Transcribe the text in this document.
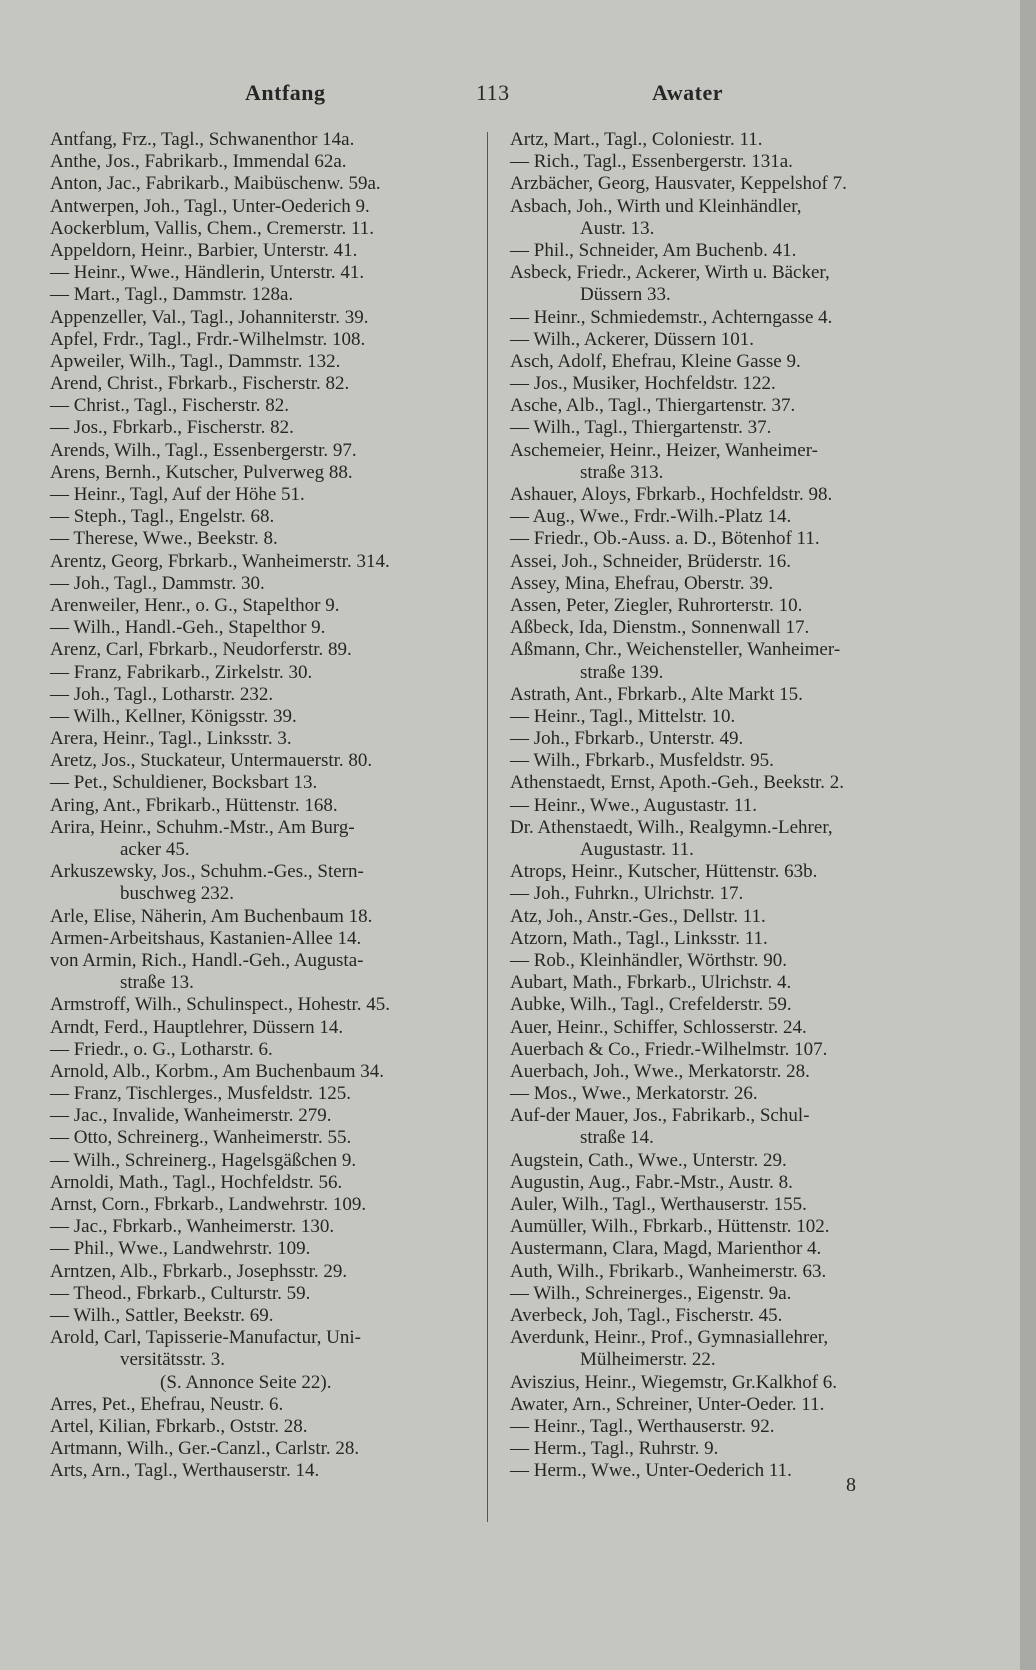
Antfang	113	Awater
Antfang, Frz., Tagl., Schwanenthor 14a.
Anthe, Jos., Fabrikarb., Immendal 62a.
Anton, Jac., Fabrikarb., Maibüschenw. 59a.
Antwerpen, Joh., Tagl., Unter-Oederich 9.
Aockerblum, Vallis, Chem., Cremerstr. 11.
Appeldorn, Heinr., Barbier, Unterstr. 41.
— Heinr., Wwe., Händlerin, Unterstr. 41.
— Mart., Tagl., Dammstr. 128a.
Appenzeller, Val., Tagl., Johanniterstr. 39.
Apfel, Frdr., Tagl., Frdr.-Wilhelmstr. 108.
Apweiler, Wilh., Tagl., Dammstr. 132.
Arend, Christ., Fbrkarb., Fischerstr. 82.
— Christ., Tagl., Fischerstr. 82.
— Jos., Fbrkarb., Fischerstr. 82.
Arends, Wilh., Tagl., Essenbergerstr. 97.
Arens, Bernh., Kutscher, Pulverweg 88.
— Heinr., Tagl, Auf der Höhe 51.
— Steph., Tagl., Engelstr. 68.
— Therese, Wwe., Beekstr. 8.
Arentz, Georg, Fbrkarb., Wanheimerstr. 314.
— Joh., Tagl., Dammstr. 30.
Arenweiler, Henr., o. G., Stapelthor 9.
— Wilh., Handl.-Geh., Stapelthor 9.
Arenz, Carl, Fbrkarb., Neudorferstr. 89.
— Franz, Fabrikarb., Zirkelstr. 30.
— Joh., Tagl., Lotharstr. 232.
— Wilh., Kellner, Königsstr. 39.
Arera, Heinr., Tagl., Linksstr. 3.
Aretz, Jos., Stuckateur, Untermauerstr. 80.
— Pet., Schuldiener, Bocksbart 13.
Aring, Ant., Fbrikarb., Hüttenstr. 168.
Arira, Heinr., Schuhm.-Mstr., Am Burg-
acker 45.
Arkuszewsky, Jos., Schuhm.-Ges., Stern-
buschweg 232.
Arle, Elise, Näherin, Am Buchenbaum 18.
Armen-Arbeitshaus, Kastanien-Allee 14.
von Armin, Rich., Handl.-Geh., Augusta-
straße 13.
Armstroff, Wilh., Schulinspect., Hohestr. 45.
Arndt, Ferd., Hauptlehrer, Düssern 14.
— Friedr., o. G., Lotharstr. 6.
Arnold, Alb., Korbm., Am Buchenbaum 34.
— Franz, Tischlerges., Musfeldstr. 125.
— Jac., Invalide, Wanheimerstr. 279.
— Otto, Schreinerg., Wanheimerstr. 55.
— Wilh., Schreinerg., Hagelsgäßchen 9.
Arnoldi, Math., Tagl., Hochfeldstr. 56.
Arnst, Corn., Fbrkarb., Landwehrstr. 109.
— Jac., Fbrkarb., Wanheimerstr. 130.
— Phil., Wwe., Landwehrstr. 109.
Arntzen, Alb., Fbrkarb., Josephsstr. 29.
— Theod., Fbrkarb., Culturstr. 59.
— Wilh., Sattler, Beekstr. 69.
Arold, Carl, Tapisserie-Manufactur, Uni-
versitätsstr. 3.
(S. Annonce Seite 22).
Arres, Pet., Ehefrau, Neustr. 6.
Artel, Kilian, Fbrkarb., Oststr. 28.
Artmann, Wilh., Ger.-Canzl., Carlstr. 28.
Arts, Arn., Tagl., Werthauserstr. 14.
Artz, Mart., Tagl., Coloniestr. 11.
— Rich., Tagl., Essenbergerstr. 131a.
Arzbächer, Georg, Hausvater, Keppelshof 7.
Asbach, Joh., Wirth und Kleinhändler,
Austr. 13.
— Phil., Schneider, Am Buchenb. 41.
Asbeck, Friedr., Ackerer, Wirth u. Bäcker,
Düssern 33.
— Heinr., Schmiedemstr., Achterngasse 4.
— Wilh., Ackerer, Düssern 101.
Asch, Adolf, Ehefrau, Kleine Gasse 9.
— Jos., Musiker, Hochfeldstr. 122.
Asche, Alb., Tagl., Thiergartenstr. 37.
— Wilh., Tagl., Thiergartenstr. 37.
Aschemeier, Heinr., Heizer, Wanheimer-
straße 313.
Ashauer, Aloys, Fbrkarb., Hochfeldstr. 98.
— Aug., Wwe., Frdr.-Wilh.-Platz 14.
— Friedr., Ob.-Auss. a. D., Bötenhof 11.
Assei, Joh., Schneider, Brüderstr. 16.
Assey, Mina, Ehefrau, Oberstr. 39.
Assen, Peter, Ziegler, Ruhrorterstr. 10.
Aßbeck, Ida, Dienstm., Sonnenwall 17.
Aßmann, Chr., Weichensteller, Wanheimer-
straße 139.
Astrath, Ant., Fbrkarb., Alte Markt 15.
— Heinr., Tagl., Mittelstr. 10.
— Joh., Fbrkarb., Unterstr. 49.
— Wilh., Fbrkarb., Musfeldstr. 95.
Athenstaedt, Ernst, Apoth.-Geh., Beekstr. 2.
— Heinr., Wwe., Augustastr. 11.
Dr. Athenstaedt, Wilh., Realgymn.-Lehrer,
Augustastr. 11.
Atrops, Heinr., Kutscher, Hüttenstr. 63b.
— Joh., Fuhrkn., Ulrichstr. 17.
Atz, Joh., Anstr.-Ges., Dellstr. 11.
Atzorn, Math., Tagl., Linksstr. 11.
— Rob., Kleinhändler, Wörthstr. 90.
Aubart, Math., Fbrkarb., Ulrichstr. 4.
Aubke, Wilh., Tagl., Crefelderstr. 59.
Auer, Heinr., Schiffer, Schlosserstr. 24.
Auerbach & Co., Friedr.-Wilhelmstr. 107.
Auerbach, Joh., Wwe., Merkatorstr. 28.
— Mos., Wwe., Merkatorstr. 26.
Auf-der Mauer, Jos., Fabrikarb., Schul-
straße 14.
Augstein, Cath., Wwe., Unterstr. 29.
Augustin, Aug., Fabr.-Mstr., Austr. 8.
Auler, Wilh., Tagl., Werthauserstr. 155.
Aumüller, Wilh., Fbrkarb., Hüttenstr. 102.
Austermann, Clara, Magd, Marienthor 4.
Auth, Wilh., Fbrikarb., Wanheimerstr. 63.
— Wilh., Schreinerges., Eigenstr. 9a.
Averbeck, Joh, Tagl., Fischerstr. 45.
Averdunk, Heinr., Prof., Gymnasiallehrer,
Mülheimerstr. 22.
Aviszius, Heinr., Wiegemstr, Gr.Kalkhof 6.
Awater, Arn., Schreiner, Unter-Oeder. 11.
— Heinr., Tagl., Werthauserstr. 92.
— Herm., Tagl., Ruhrstr. 9.
— Herm., Wwe., Unter-Oederich 11.
8
